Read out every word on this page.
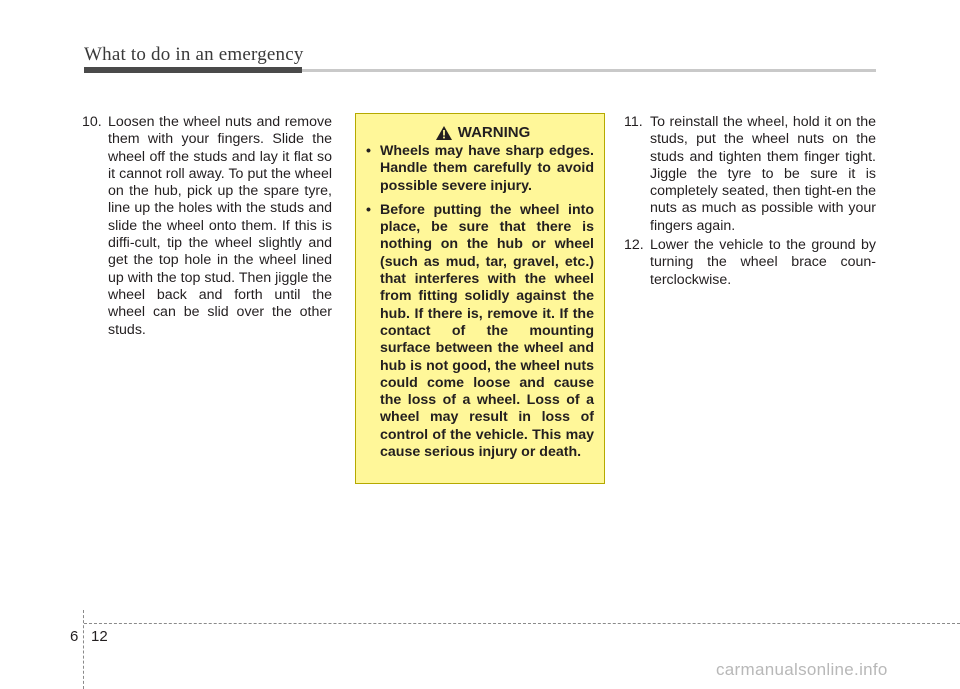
What to do in an emergency
10. Loosen the wheel nuts and remove them with your fingers. Slide the wheel off the studs and lay it flat so it cannot roll away. To put the wheel on the hub, pick up the spare tyre, line up the holes with the studs and slide the wheel onto them. If this is diffi-cult, tip the wheel slightly and get the top hole in the wheel lined up with the top stud. Then jiggle the wheel back and forth until the wheel can be slid over the other studs.
WARNING
• Wheels may have sharp edges. Handle them carefully to avoid possible severe injury.
• Before putting the wheel into place, be sure that there is nothing on the hub or wheel (such as mud, tar, gravel, etc.) that interferes with the wheel from fitting solidly against the hub. If there is, remove it. If the contact of the mounting surface between the wheel and hub is not good, the wheel nuts could come loose and cause the loss of a wheel. Loss of a wheel may result in loss of control of the vehicle. This may cause serious injury or death.
11. To reinstall the wheel, hold it on the studs, put the wheel nuts on the studs and tighten them finger tight. Jiggle the tyre to be sure it is completely seated, then tight-en the nuts as much as possible with your fingers again.
12. Lower the vehicle to the ground by turning the wheel brace coun-terclockwise.
6 12
carmanualsonline.info
